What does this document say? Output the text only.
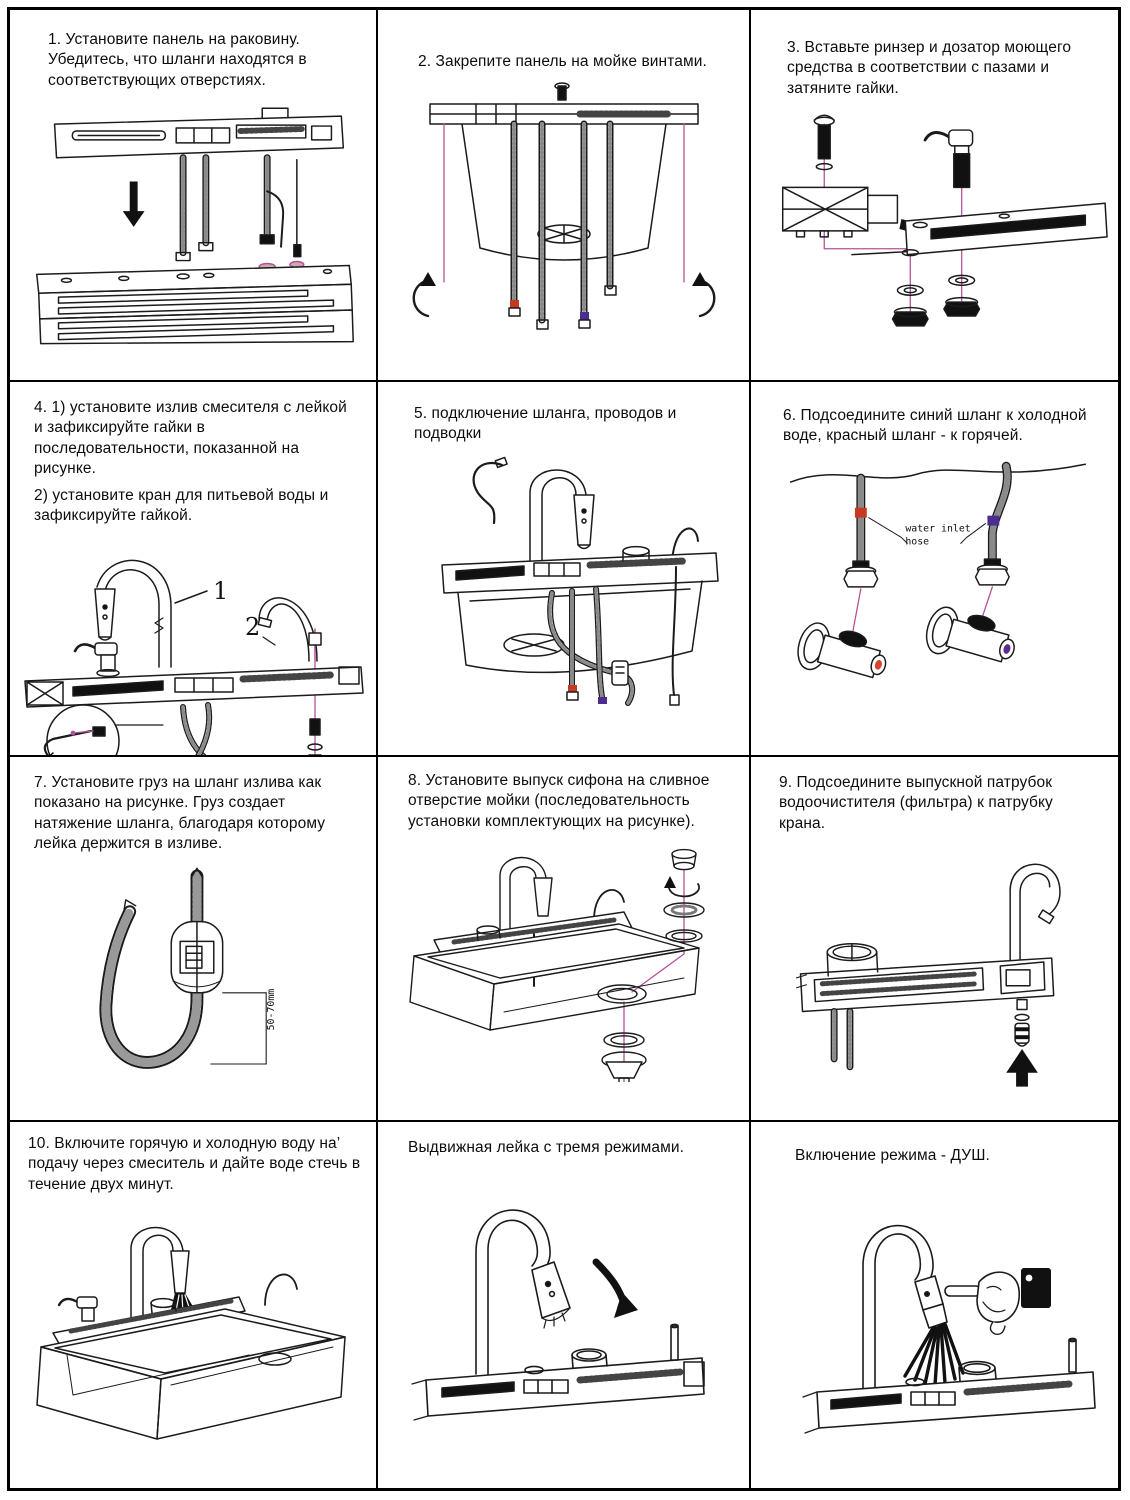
1. Установите панель на раковину. Убедитесь, что шланги находятся в соответствующих отверстиях.
2. Закрепите панель на мойке винтами.
3. Вставьте ринзер и дозатор моющего средства в соответствии с пазами и затяните гайки.

4. 1) установите излив смесителя с лейкой и зафиксируйте гайки в последовательности, показанной на рисунке.

2) установите кран для питьевой воды и зафиксируйте гайкой.

1
2
5. подключение шланга, проводов и подводки
6. Подсоедините синий шланг к холодной воде, красный шланг - к горячей.
water inlet
hose
7. Установите груз на шланг излива как показано на рисунке. Груз создает натяжение шланга, благодаря которому лейка держится в изливе.
50-70mm
8. Установите выпуск сифона на сливное отверстие мойки (последовательность установки комплектующих на рисунке).
9. Подсоедините выпускной патрубок водоочистителя (фильтра) к патрубку крана.
10. Включите горячую и холодную воду на’ подачу через смеситель и дайте воде стечь в течение двух минут.
Выдвижная лейка с тремя режимами.	Включение режима - ДУШ.
